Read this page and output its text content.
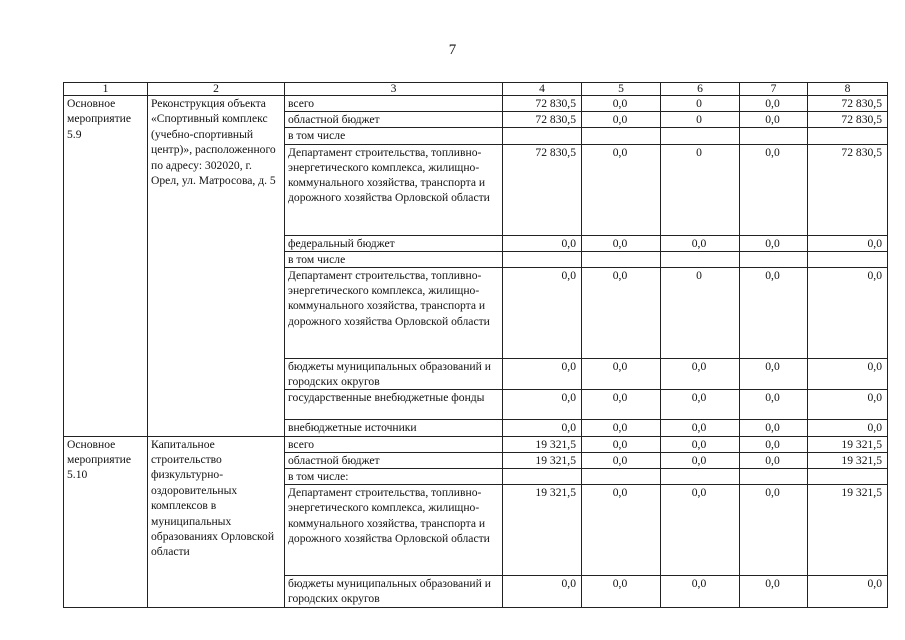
7
1	2	3	4	5	6	7	8
Основное мероприятие 5.9	Реконструкция объекта «Спортивный комплекс (учебно-спортивный центр)», расположенного по адресу: 302020, г. Орел, ул. Матросова, д. 5	всего	72 830,5	0,0	0	0,0	72 830,5
		областной бюджет	72 830,5	0,0	0	0,0	72 830,5
		в том числе					
		Департамент строительства, топливно-энергетического комплекса, жилищно-коммунального хозяйства, транспорта и дорожного хозяйства Орловской области	72 830,5	0,0	0	0,0	72 830,5
		федеральный бюджет	0,0	0,0	0,0	0,0	0,0
		в том числе					
		Департамент строительства, топливно-энергетического комплекса, жилищно-коммунального хозяйства, транспорта и дорожного хозяйства Орловской области	0,0	0,0	0	0,0	0,0
		бюджеты муниципальных образований и городских округов	0,0	0,0	0,0	0,0	0,0
		государственные внебюджетные фонды	0,0	0,0	0,0	0,0	0,0
		внебюджетные источники	0,0	0,0	0,0	0,0	0,0
Основное мероприятие 5.10	Капитальное строительство физкультурно-оздоровительных комплексов в муниципальных образованиях Орловской области	всего	19 321,5	0,0	0,0	0,0	19 321,5
		областной бюджет	19 321,5	0,0	0,0	0,0	19 321,5
		в том числе:					
		Департамент строительства, топливно-энергетического комплекса, жилищно-коммунального хозяйства, транспорта и дорожного хозяйства Орловской области	19 321,5	0,0	0,0	0,0	19 321,5
		бюджеты муниципальных образований и городских округов	0,0	0,0	0,0	0,0	0,0
